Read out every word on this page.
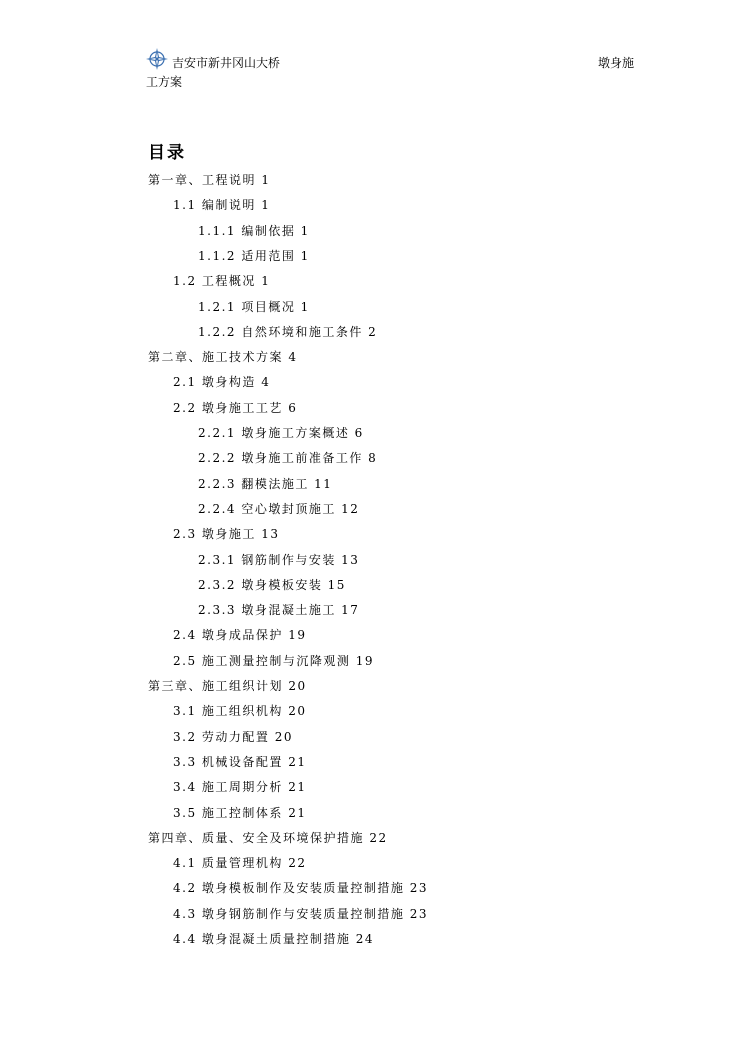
吉安市新井冈山大桥	墩身施
工方案
目录
第一章、工程说明 1
1.1 编制说明 1
1.1.1 编制依据 1
1.1.2 适用范围 1
1.2 工程概况 1
1.2.1 项目概况 1
1.2.2 自然环境和施工条件 2
第二章、施工技术方案 4
2.1 墩身构造 4
2.2 墩身施工工艺 6
2.2.1 墩身施工方案概述 6
2.2.2 墩身施工前准备工作 8
2.2.3 翻模法施工 11
2.2.4 空心墩封顶施工 12
2.3 墩身施工 13
2.3.1 钢筋制作与安装 13
2.3.2 墩身模板安装 15
2.3.3 墩身混凝土施工 17
2.4 墩身成品保护 19
2.5 施工测量控制与沉降观测 19
第三章、施工组织计划 20
3.1 施工组织机构 20
3.2 劳动力配置 20
3.3 机械设备配置 21
3.4 施工周期分析 21
3.5 施工控制体系 21
第四章、质量、安全及环境保护措施 22
4.1 质量管理机构 22
4.2 墩身模板制作及安装质量控制措施 23
4.3 墩身钢筋制作与安装质量控制措施 23
4.4 墩身混凝土质量控制措施 24
